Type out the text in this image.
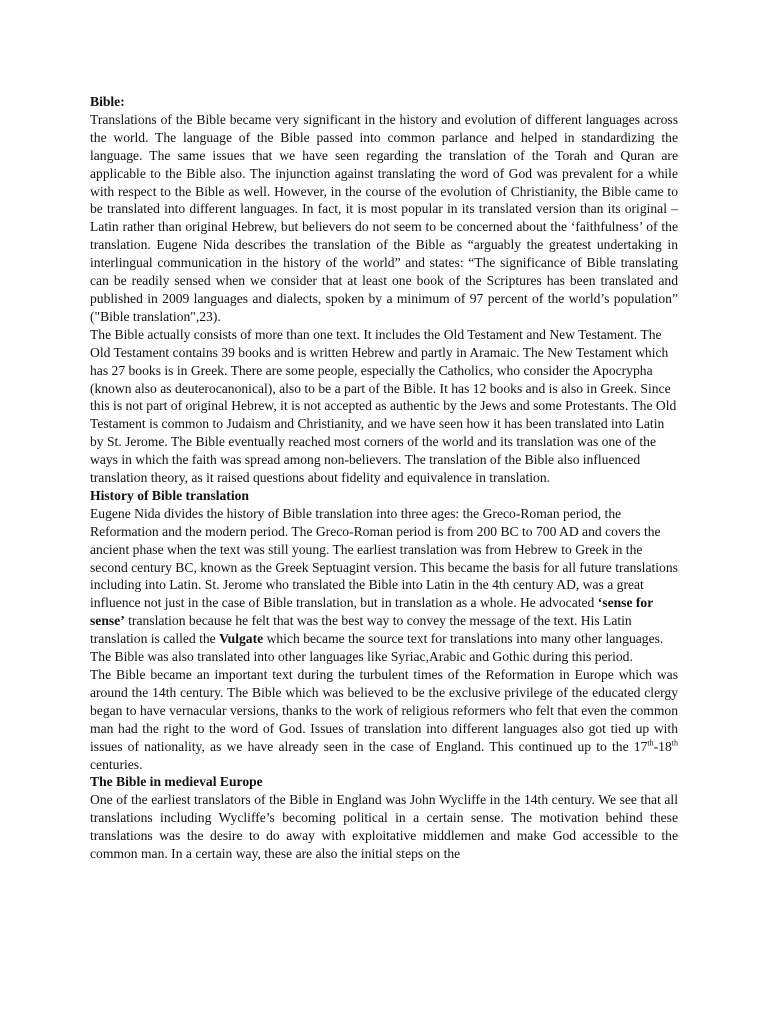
Bible:

Translations of the Bible became very significant in the history and evolution of different languages across the world. The language of the Bible passed into common parlance and helped in standardizing the language. The same issues that we have seen regarding the translation of the Torah and Quran are applicable to the Bible also. The injunction against translating the word of God was prevalent for a while with respect to the Bible as well. However, in the course of the evolution of Christianity, the Bible came to be translated into different languages. In fact, it is most popular in its translated version than its original – Latin rather than original Hebrew, but believers do not seem to be concerned about the ‘faithfulness’ of the translation. Eugene Nida describes the translation of the Bible as “arguably the greatest undertaking in interlingual communication in the history of the world” and states: “The significance of Bible translating can be readily sensed when we consider that at least one book of the Scriptures has been translated and published in 2009 languages and dialects, spoken by a minimum of 97 percent of the world’s population” ("Bible translation",23).

The Bible actually consists of more than one text. It includes the Old Testament and New Testament. The Old Testament contains 39 books and is written Hebrew and partly in Aramaic. The New Testament which has 27 books is in Greek. There are some people, especially the Catholics, who consider the Apocrypha (known also as deuterocanonical), also to be a part of the Bible. It has 12 books and is also in Greek. Since this is not part of original Hebrew, it is not accepted as authentic by the Jews and some Protestants. The Old Testament is common to Judaism and Christianity, and we have seen how it has been translated into Latin by St. Jerome. The Bible eventually reached most corners of the world and its translation was one of the ways in which the faith was spread among non-believers. The translation of the Bible also influenced translation theory, as it raised questions about fidelity and equivalence in translation.

History of Bible translation

Eugene Nida divides the history of Bible translation into three ages: the Greco-Roman period, the Reformation and the modern period. The Greco-Roman period is from 200 BC to 700 AD and covers the ancient phase when the text was still young. The earliest translation was from Hebrew to Greek in the second century BC, known as the Greek Septuagint version. This became the basis for all future translations including into Latin. St. Jerome who translated the Bible into Latin in the 4th century AD, was a great influence not just in the case of Bible translation, but in translation as a whole. He advocated ‘sense for sense’ translation because he felt that was the best way to convey the message of the text. His Latin translation is called the Vulgate which became the source text for translations into many other languages. The Bible was also translated into other languages like Syriac,Arabic and Gothic during this period.

The Bible became an important text during the turbulent times of the Reformation in Europe which was around the 14th century. The Bible which was believed to be the exclusive privilege of the educated clergy began to have vernacular versions, thanks to the work of religious reformers who felt that even the common man had the right to the word of God. Issues of translation into different languages also got tied up with issues of nationality, as we have already seen in the case of England. This continued up to the 17th-18th centuries.

The Bible in medieval Europe

One of the earliest translators of the Bible in England was John Wycliffe in the 14th century. We see that all translations including Wycliffe’s becoming political in a certain sense. The motivation behind these translations was the desire to do away with exploitative middlemen and make God accessible to the common man. In a certain way, these are also the initial steps on the
